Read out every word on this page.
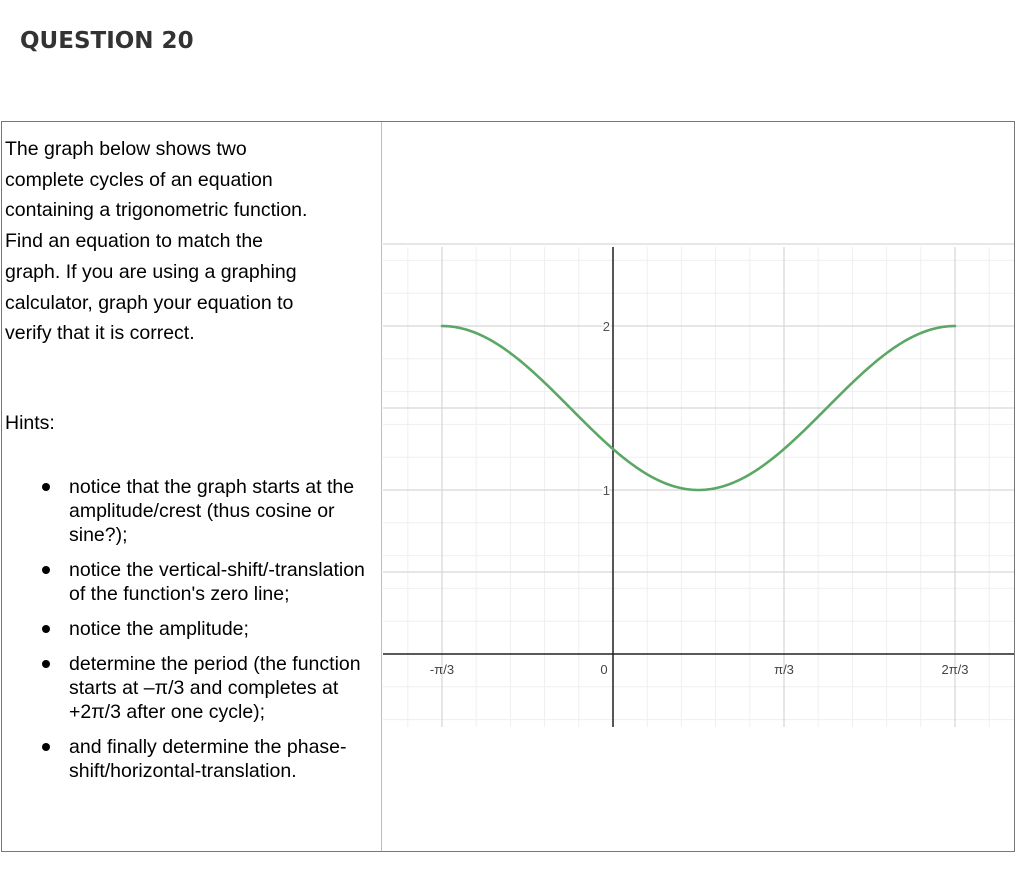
QUESTION 20
The graph below shows two
complete cycles of an equation
containing a trigonometric function.
Find an equation to match the
graph. If you are using a graphing
calculator, graph your equation to
verify that it is correct.
Hints:
notice that the graph starts at the amplitude/crest (thus cosine or sine?);
notice the vertical-shift/-translation of the function's zero line;
notice the amplitude;
determine the period (the function starts at –π/3 and completes at +2π/3 after one cycle);
and finally determine the phase-shift/horizontal-translation.
-π/3	0	π/3	2π/3
1
2
